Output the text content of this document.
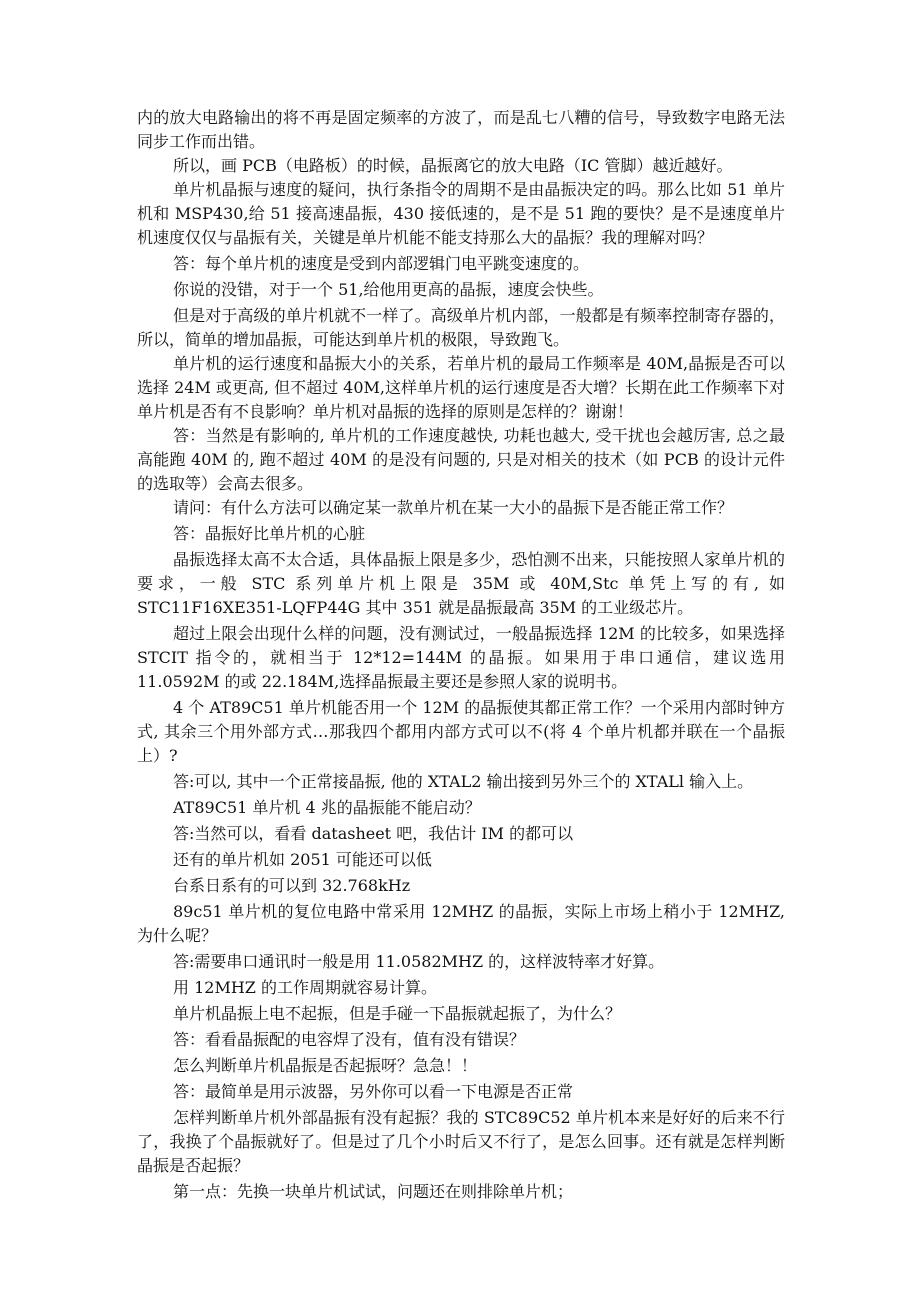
内的放大电路输出的将不再是固定频率的方波了，而是乱七八糟的信号，导致数字电路无法同步工作而出错。

所以，画 PCB（电路板）的时候，晶振离它的放大电路（IC 管脚）越近越好。

单片机晶振与速度的疑问，执行条指令的周期不是由晶振决定的吗。那么比如 51 单片机和 MSP430,给 51 接高速晶振，430 接低速的，是不是 51 跑的要快？是不是速度单片机速度仅仅与晶振有关，关键是单片机能不能支持那么大的晶振？我的理解对吗？

答：每个单片机的速度是受到内部逻辑门电平跳变速度的。

你说的没错，对于一个 51,给他用更高的晶振，速度会快些。

但是对于高级的单片机就不一样了。高级单片机内部，一般都是有频率控制寄存器的，所以，简单的增加晶振，可能达到单片机的极限，导致跑飞。

单片机的运行速度和晶振大小的关系，若单片机的最局工作频率是 40M,晶振是否可以选择 24M 或更高, 但不超过 40M,这样单片机的运行速度是否大增？长期在此工作频率下对单片机是否有不良影响？单片机对晶振的选择的原则是怎样的？谢谢！

答：当然是有影响的, 单片机的工作速度越快, 功耗也越大, 受干扰也会越厉害, 总之最高能跑 40M 的, 跑不超过 40M 的是没有问题的, 只是对相关的技术（如 PCB 的设计元件的选取等）会高去很多。

请问：有什么方法可以确定某一款单片机在某一大小的晶振下是否能正常工作？

答：晶振好比单片机的心脏

晶振选择太高不太合适，具体晶振上限是多少，恐怕测不出来，只能按照人家单片机的要求，一般 STC 系列单片机上限是 35M 或 40M,Stc 单凭上写的有, 如 STC11F16XE351-LQFP44G 其中 351 就是晶振最高 35M 的工业级芯片。

超过上限会出现什么样的问题，没有测试过，一般晶振选择 12M 的比较多，如果选择 STCIT 指令的，就相当于 12*12=144M 的晶振。如果用于串口通信，建议选用 11.0592M 的或 22.184M,选择晶振最主要还是参照人家的说明书。

4 个 AT89C51 单片机能否用一个 12M 的晶振使其都正常工作？一个采用内部时钟方式, 其余三个用外部方式…那我四个都用内部方式可以不(将 4 个单片机都并联在一个晶振上）?

答:可以, 其中一个正常接晶振, 他的 XTAL2 输出接到另外三个的 XTALl 输入上。

AT89C51 单片机 4 兆的晶振能不能启动？

答:当然可以，看看 datasheet 吧，我估计 IM 的都可以

还有的单片机如 2051 可能还可以低

台系日系有的可以到 32.768kHz

89c51 单片机的复位电路中常采用 12MHZ 的晶振，实际上市场上稍小于 12MHZ,为什么呢？

答:需要串口通讯时一般是用 11.0582MHZ 的，这样波特率才好算。

用 12MHZ 的工作周期就容易计算。

单片机晶振上电不起振，但是手碰一下晶振就起振了，为什么？

答：看看晶振配的电容焊了没有，值有没有错误？

怎么判断单片机晶振是否起振呀？急急！！

答：最简单是用示波器，另外你可以看一下电源是否正常

怎样判断单片机外部晶振有没有起振？我的 STC89C52 单片机本来是好好的后来不行了，我换了个晶振就好了。但是过了几个小时后又不行了，是怎么回事。还有就是怎样判断晶振是否起振？

第一点：先换一块单片机试试，问题还在则排除单片机；
